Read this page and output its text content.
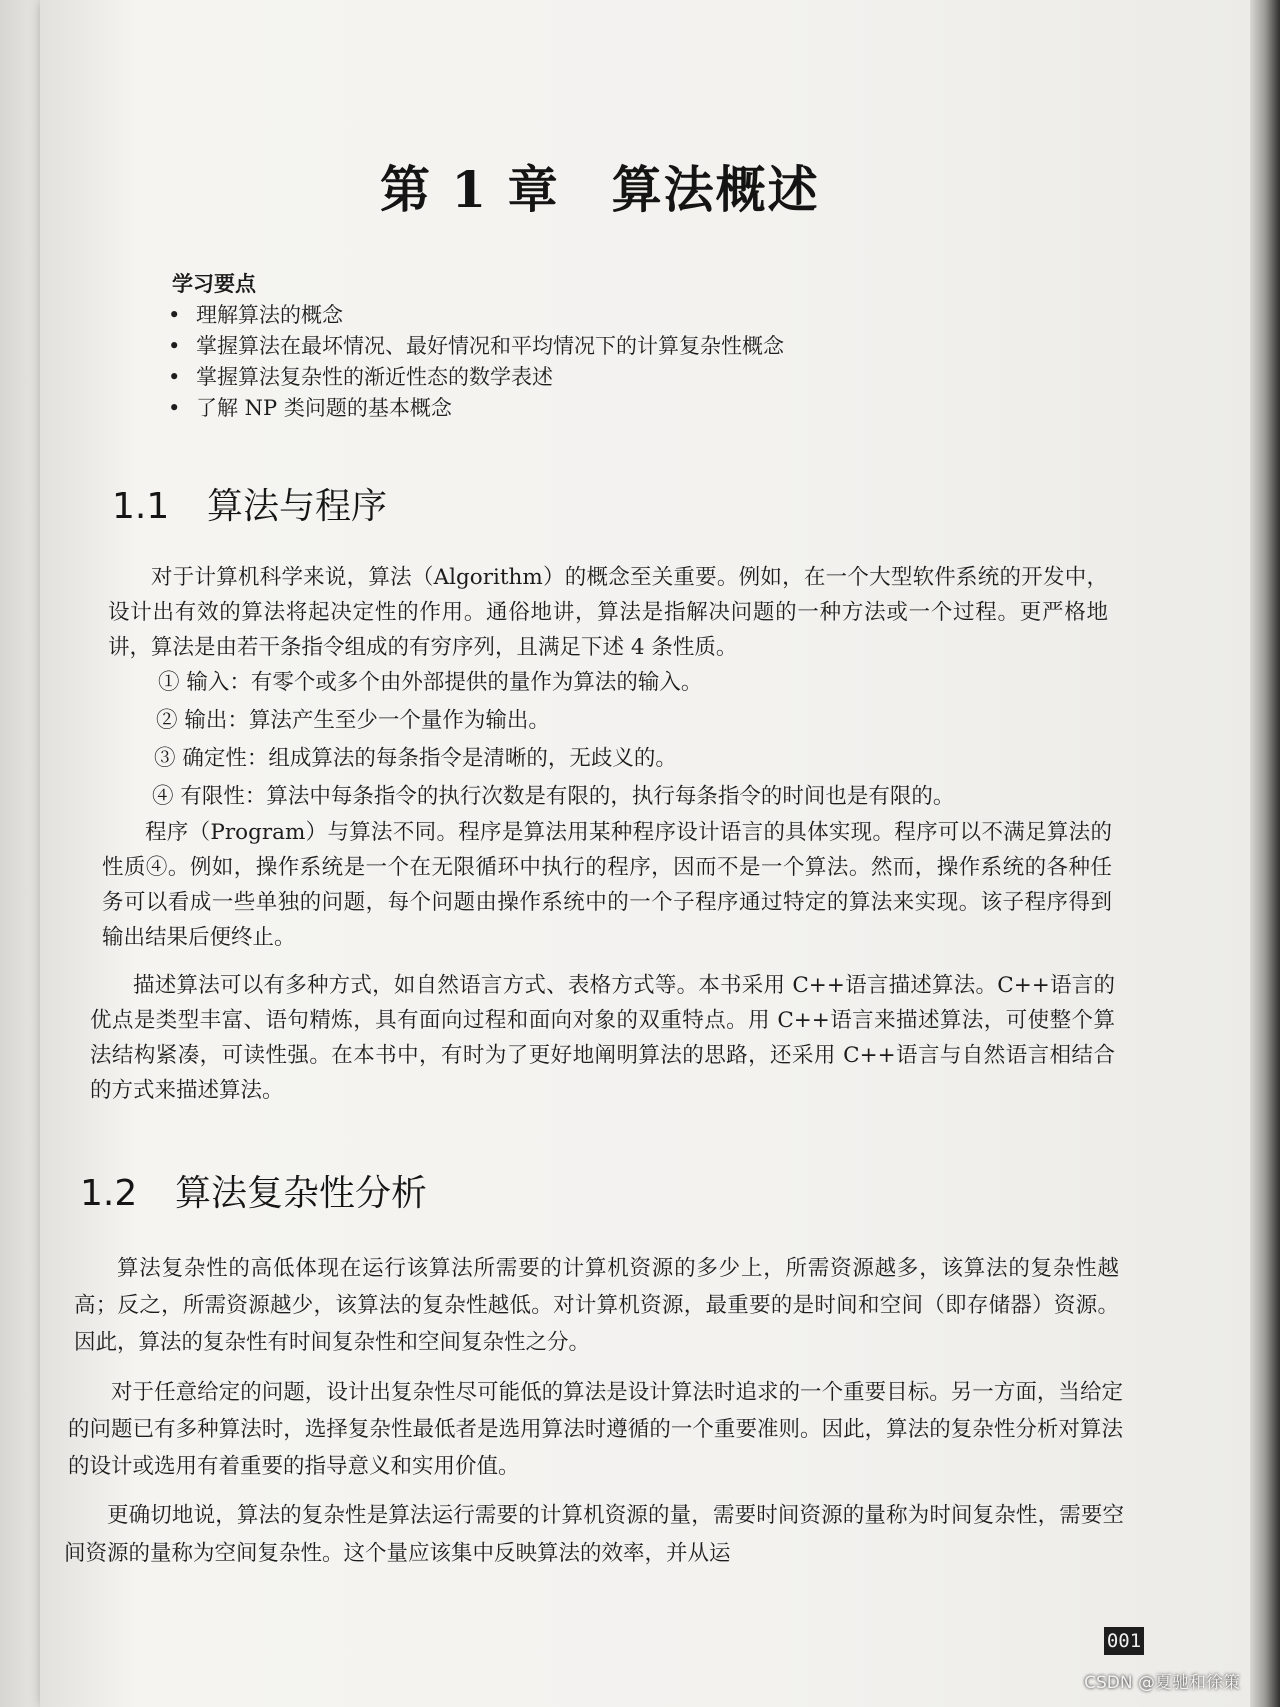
第 1 章　算法概述
学习要点
• 理解算法的概念
• 掌握算法在最坏情况、最好情况和平均情况下的计算复杂性概念
• 掌握算法复杂性的渐近性态的数学表述
• 了解 NP 类问题的基本概念
1.1 算法与程序

对于计算机科学来说，算法（Algorithm）的概念至关重要。例如，在一个大型软件系统的开发中，设计出有效的算法将起决定性的作用。通俗地讲，算法是指解决问题的一种方法或一个过程。更严格地讲，算法是由若干条指令组成的有穷序列，且满足下述 4 条性质。

① 输入：有零个或多个由外部提供的量作为算法的输入。
② 输出：算法产生至少一个量作为输出。
③ 确定性：组成算法的每条指令是清晰的，无歧义的。
④ 有限性：算法中每条指令的执行次数是有限的，执行每条指令的时间也是有限的。

程序（Program）与算法不同。程序是算法用某种程序设计语言的具体实现。程序可以不满足算法的性质④。例如，操作系统是一个在无限循环中执行的程序，因而不是一个算法。然而，操作系统的各种任务可以看成一些单独的问题，每个问题由操作系统中的一个子程序通过特定的算法来实现。该子程序得到输出结果后便终止。

描述算法可以有多种方式，如自然语言方式、表格方式等。本书采用 C++语言描述算法。C++语言的优点是类型丰富、语句精炼，具有面向过程和面向对象的双重特点。用 C++语言来描述算法，可使整个算法结构紧凑，可读性强。在本书中，有时为了更好地阐明算法的思路，还采用 C++语言与自然语言相结合的方式来描述算法。

1.2 算法复杂性分析

算法复杂性的高低体现在运行该算法所需要的计算机资源的多少上，所需资源越多，该算法的复杂性越高；反之，所需资源越少，该算法的复杂性越低。对计算机资源，最重要的是时间和空间（即存储器）资源。因此，算法的复杂性有时间复杂性和空间复杂性之分。

对于任意给定的问题，设计出复杂性尽可能低的算法是设计算法时追求的一个重要目标。另一方面，当给定的问题已有多种算法时，选择复杂性最低者是选用算法时遵循的一个重要准则。因此，算法的复杂性分析对算法的设计或选用有着重要的指导意义和实用价值。

更确切地说，算法的复杂性是算法运行需要的计算机资源的量，需要时间资源的量称为时间复杂性，需要空间资源的量称为空间复杂性。这个量应该集中反映算法的效率，并从运

001
CSDN @夏驰和徐策
